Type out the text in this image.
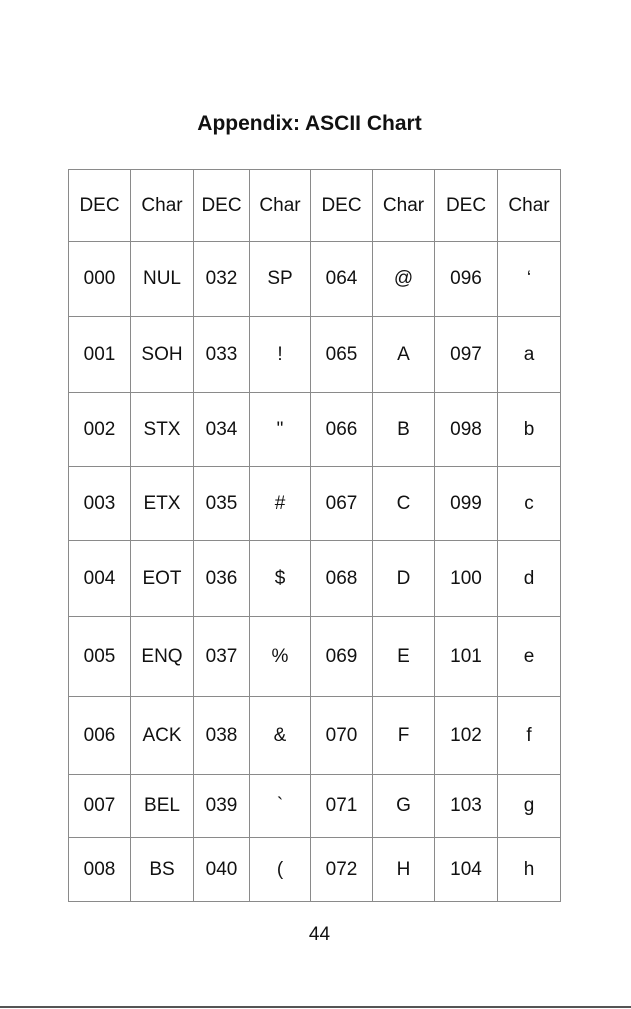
Appendix: ASCII Chart
DEC	Char	DEC	Char	DEC	Char	DEC	Char
000	NUL	032	SP	064	@	096	‘
001	SOH	033	!	065	A	097	a
002	STX	034	"	066	B	098	b
003	ETX	035	#	067	C	099	c
004	EOT	036	$	068	D	100	d
005	ENQ	037	%	069	E	101	e
006	ACK	038	&	070	F	102	f
007	BEL	039	`	071	G	103	g
008	BS	040	(	072	H	104	h
44
